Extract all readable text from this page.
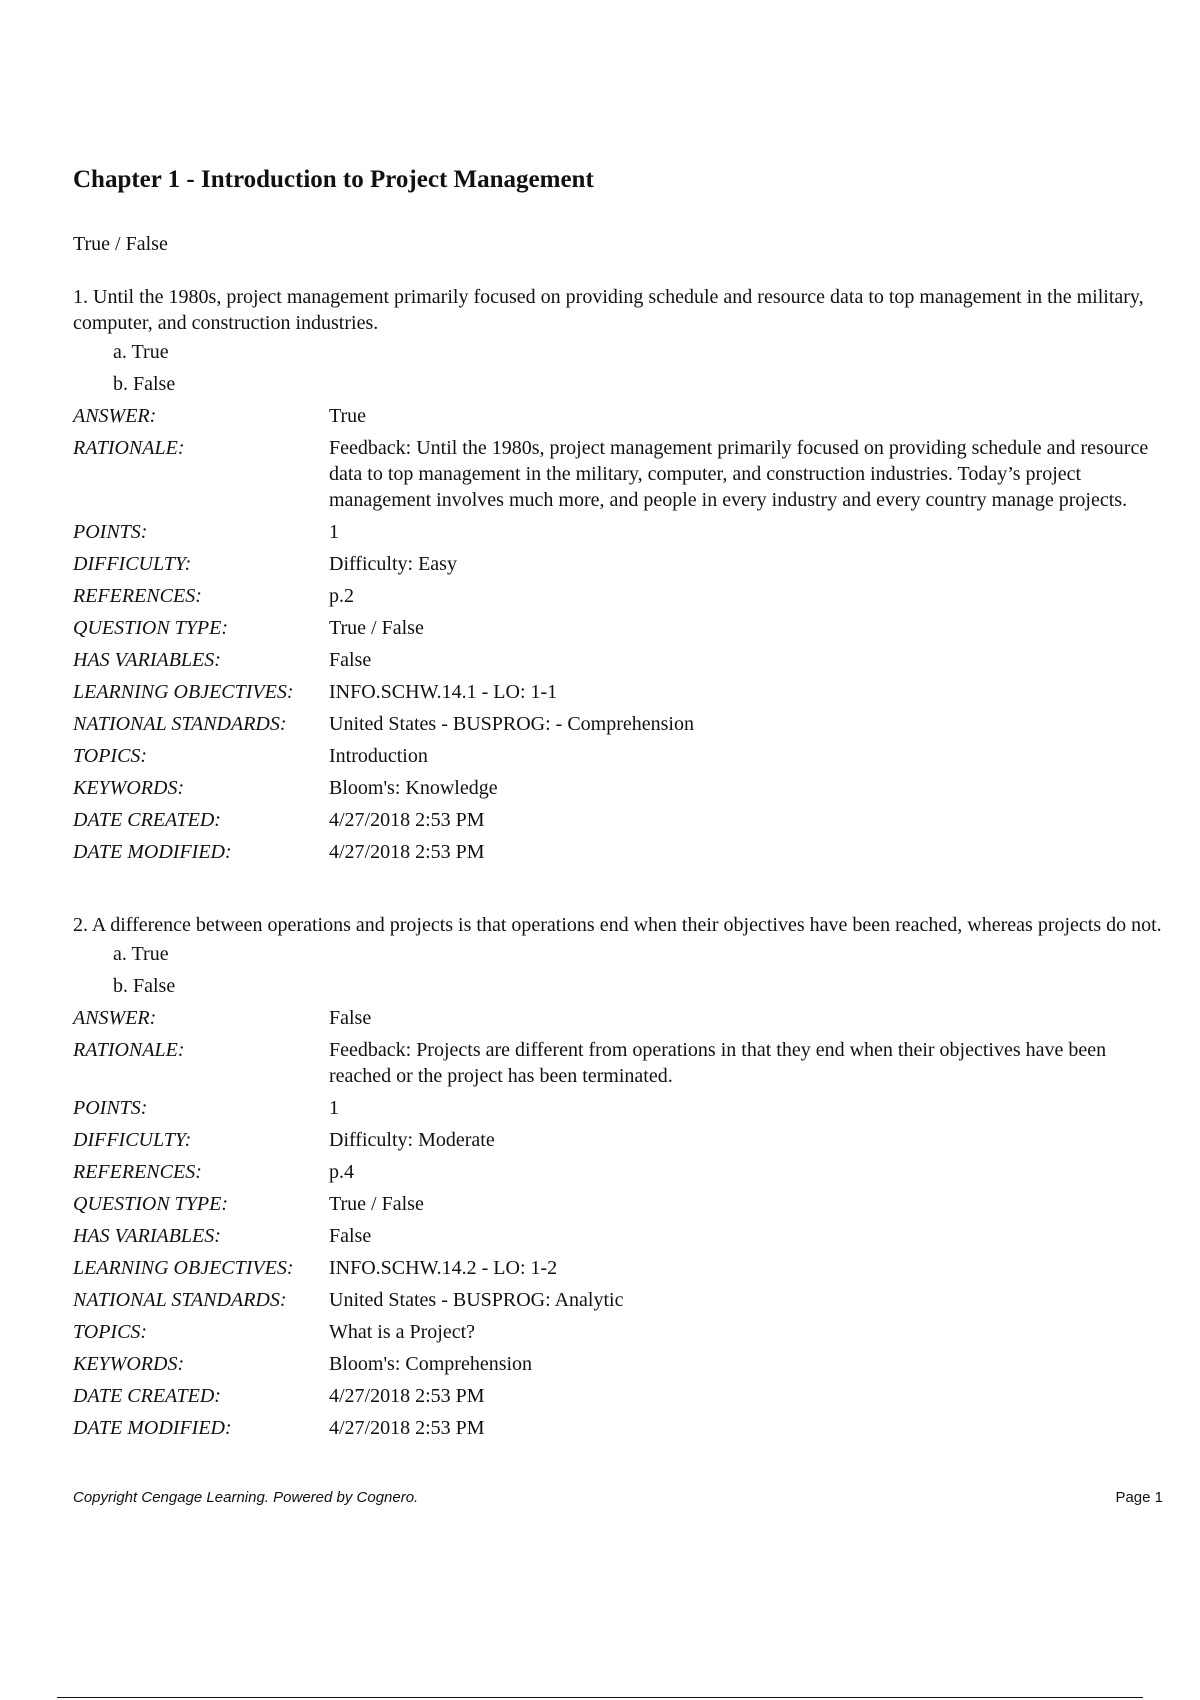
Chapter 1 - Introduction to Project Management
True / False

1. Until the 1980s, project management primarily focused on providing schedule and resource data to top management in the military, computer, and construction industries.

a. True
b. False
ANSWER:	True
RATIONALE:	Feedback: Until the 1980s, project management primarily focused on providing schedule and resource data to top management in the military, computer, and construction industries. Today’s project management involves much more, and people in every industry and every country manage projects.
POINTS:	1
DIFFICULTY:	Difficulty: Easy
REFERENCES:	p.2
QUESTION TYPE:	True / False
HAS VARIABLES:	False
LEARNING OBJECTIVES:	INFO.SCHW.14.1 - LO: 1-1
NATIONAL STANDARDS:	United States - BUSPROG: - Comprehension
TOPICS:	Introduction
KEYWORDS:	Bloom's: Knowledge
DATE CREATED:	4/27/2018 2:53 PM
DATE MODIFIED:	4/27/2018 2:53 PM

2. A difference between operations and projects is that operations end when their objectives have been reached, whereas projects do not.

a. True
b. False
ANSWER:	False
RATIONALE:	Feedback: Projects are different from operations in that they end when their objectives have been reached or the project has been terminated.
POINTS:	1
DIFFICULTY:	Difficulty: Moderate
REFERENCES:	p.4
QUESTION TYPE:	True / False
HAS VARIABLES:	False
LEARNING OBJECTIVES:	INFO.SCHW.14.2 - LO: 1-2
NATIONAL STANDARDS:	United States - BUSPROG: Analytic
TOPICS:	What is a Project?
KEYWORDS:	Bloom's: Comprehension
DATE CREATED:	4/27/2018 2:53 PM
DATE MODIFIED:	4/27/2018 2:53 PM
Copyright Cengage Learning. Powered by Cognero.	Page 1
